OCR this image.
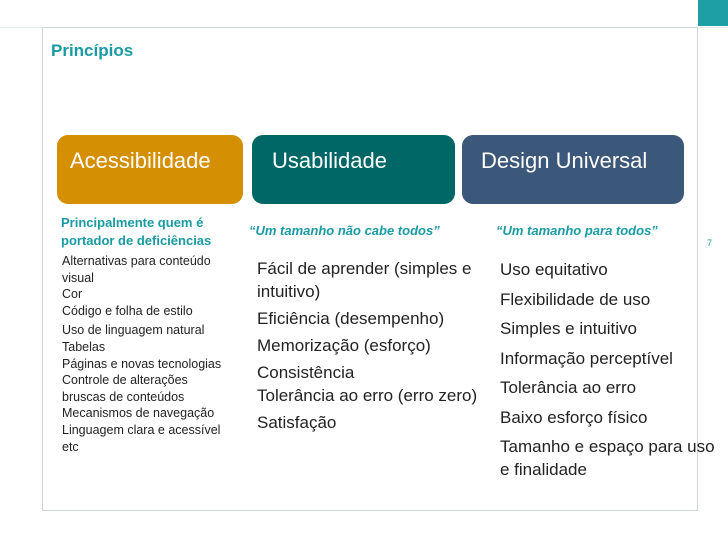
Princípios
7
Acessibilidade	Usabilidade	Design Universal
Principalmente quem é portador de deficiências
“Um tamanho não cabe todos”	“Um tamanho para todos”
Alternativas para conteúdo visual
Cor
Código e folha de estilo
Uso de linguagem natural
Tabelas
Páginas e novas tecnologias
Controle de alterações bruscas de conteúdos
Mecanismos de navegação
Linguagem clara e acessível
etc
Fácil de aprender (simples e intuitivo)
Eficiência (desempenho)
Memorização (esforço)
Consistência
Tolerância ao erro (erro zero)
Satisfação
Uso equitativo
Flexibilidade de uso
Simples e intuitivo
Informação perceptível
Tolerância ao erro
Baixo esforço físico
Tamanho e espaço para uso e finalidade
